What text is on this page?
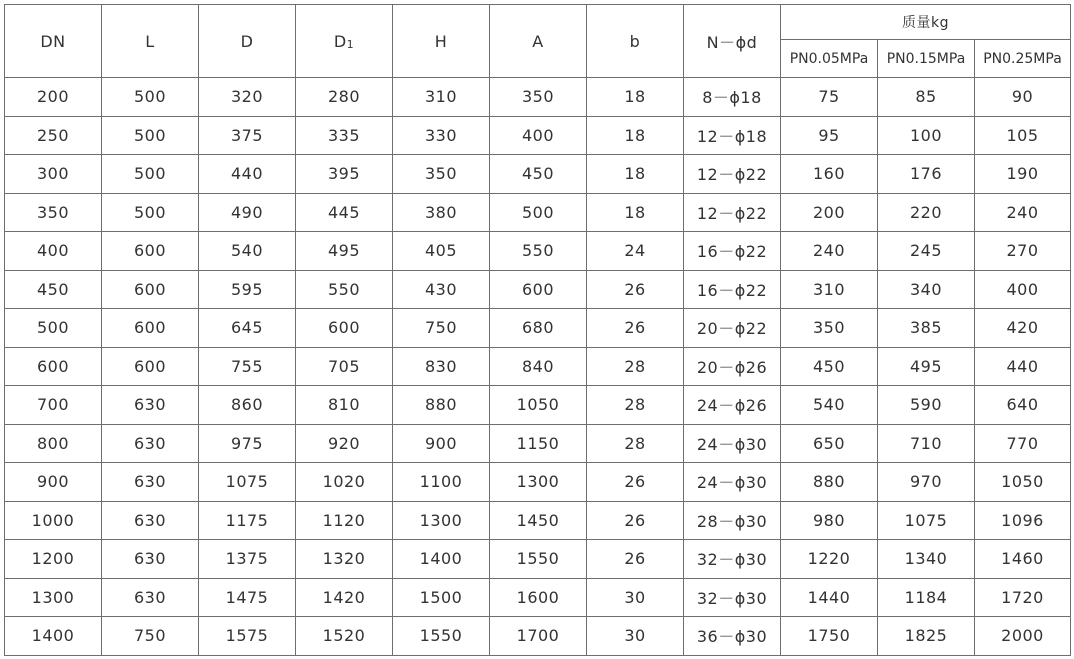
DN	L	D	D1	H	A	b	N－ϕd	质量kg		
								PN0.05MPa	PN0.15MPa	PN0.25MPa
200	500	320	280	310	350	18	8－ϕ18	75	85	90
250	500	375	335	330	400	18	12－ϕ18	95	100	105
300	500	440	395	350	450	18	12－ϕ22	160	176	190
350	500	490	445	380	500	18	12－ϕ22	200	220	240
400	600	540	495	405	550	24	16－ϕ22	240	245	270
450	600	595	550	430	600	26	16－ϕ22	310	340	400
500	600	645	600	750	680	26	20－ϕ22	350	385	420
600	600	755	705	830	840	28	20－ϕ26	450	495	440
700	630	860	810	880	1050	28	24－ϕ26	540	590	640
800	630	975	920	900	1150	28	24－ϕ30	650	710	770
900	630	1075	1020	1100	1300	26	24－ϕ30	880	970	1050
1000	630	1175	1120	1300	1450	26	28－ϕ30	980	1075	1096
1200	630	1375	1320	1400	1550	26	32－ϕ30	1220	1340	1460
1300	630	1475	1420	1500	1600	30	32－ϕ30	1440	1184	1720
1400	750	1575	1520	1550	1700	30	36－ϕ30	1750	1825	2000
